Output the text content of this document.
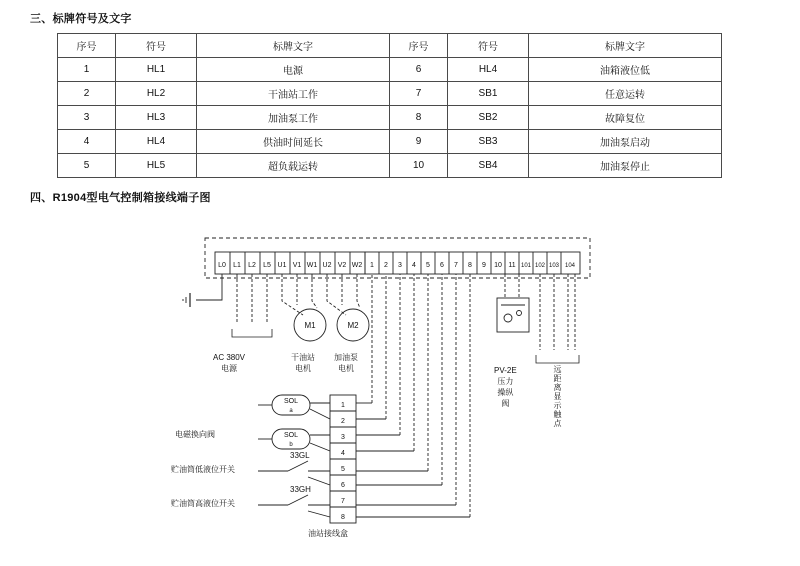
三、标牌符号及文字
序号	符号	标牌文字	序号	符号	标牌文字
1	HL1	电源	6	HL4	油箱液位低
2	HL2	干油站工作	7	SB1	任意运转
3	HL3	加油泵工作	8	SB2	故障复位
4	HL4	供油时间延长	9	SB3	加油泵启动
5	HL5	超负载运转	10	SB4	加油泵停止
四、R1904型电气控制箱接线端子图
L0 L1 L2 L5 U1 V1 W1 U2 V2 W2 1 2 3 4 5 6 7 8 9 10 11 101 102 103 104
M1	M2
1
2
3
4
5
6
7
8
SOL
a
SOL
b
AC 380V
电源
干油站
电机
加油泵
电机	PV-2E
压力
操纵
阀	远距离显示触点
电磁换向阀
贮油筒低液位开关
贮油筒高液位开关
33GL
33GH
油站接线盒
